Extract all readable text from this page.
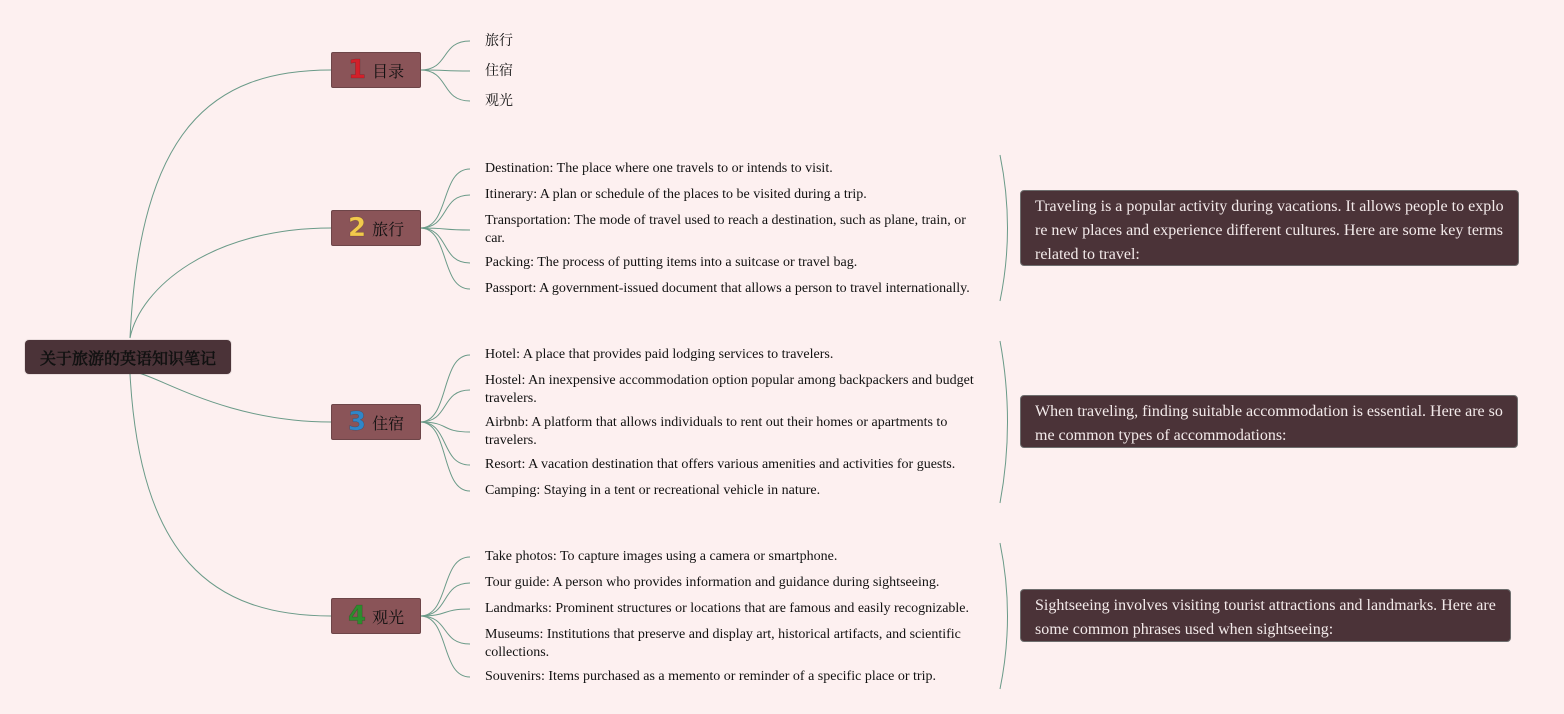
关于旅游的英语知识笔记
1 目录
旅行
住宿
观光
2 旅行
Destination: The place where one travels to or intends to visit.
Itinerary: A plan or schedule of the places to be visited during a trip.
Transportation: The mode of travel used to reach a destination, such as plane, train, or car.
Packing: The process of putting items into a suitcase or travel bag.
Passport: A government-issued document that allows a person to travel internationally.
Traveling is a popular activity during vacations. It allows people to explore new places and experience different cultures. Here are some key terms related to travel:
3 住宿
Hotel: A place that provides paid lodging services to travelers.
Hostel: An inexpensive accommodation option popular among backpackers and budget travelers.
Airbnb: A platform that allows individuals to rent out their homes or apartments to travelers.
Resort: A vacation destination that offers various amenities and activities for guests.
Camping: Staying in a tent or recreational vehicle in nature.
When traveling, finding suitable accommodation is essential. Here are some common types of accommodations:
4 观光
Take photos: To capture images using a camera or smartphone.
Tour guide: A person who provides information and guidance during sightseeing.
Landmarks: Prominent structures or locations that are famous and easily recognizable.
Museums: Institutions that preserve and display art, historical artifacts, and scientific collections.
Souvenirs: Items purchased as a memento or reminder of a specific place or trip.
Sightseeing involves visiting tourist attractions and landmarks. Here are some common phrases used when sightseeing:
